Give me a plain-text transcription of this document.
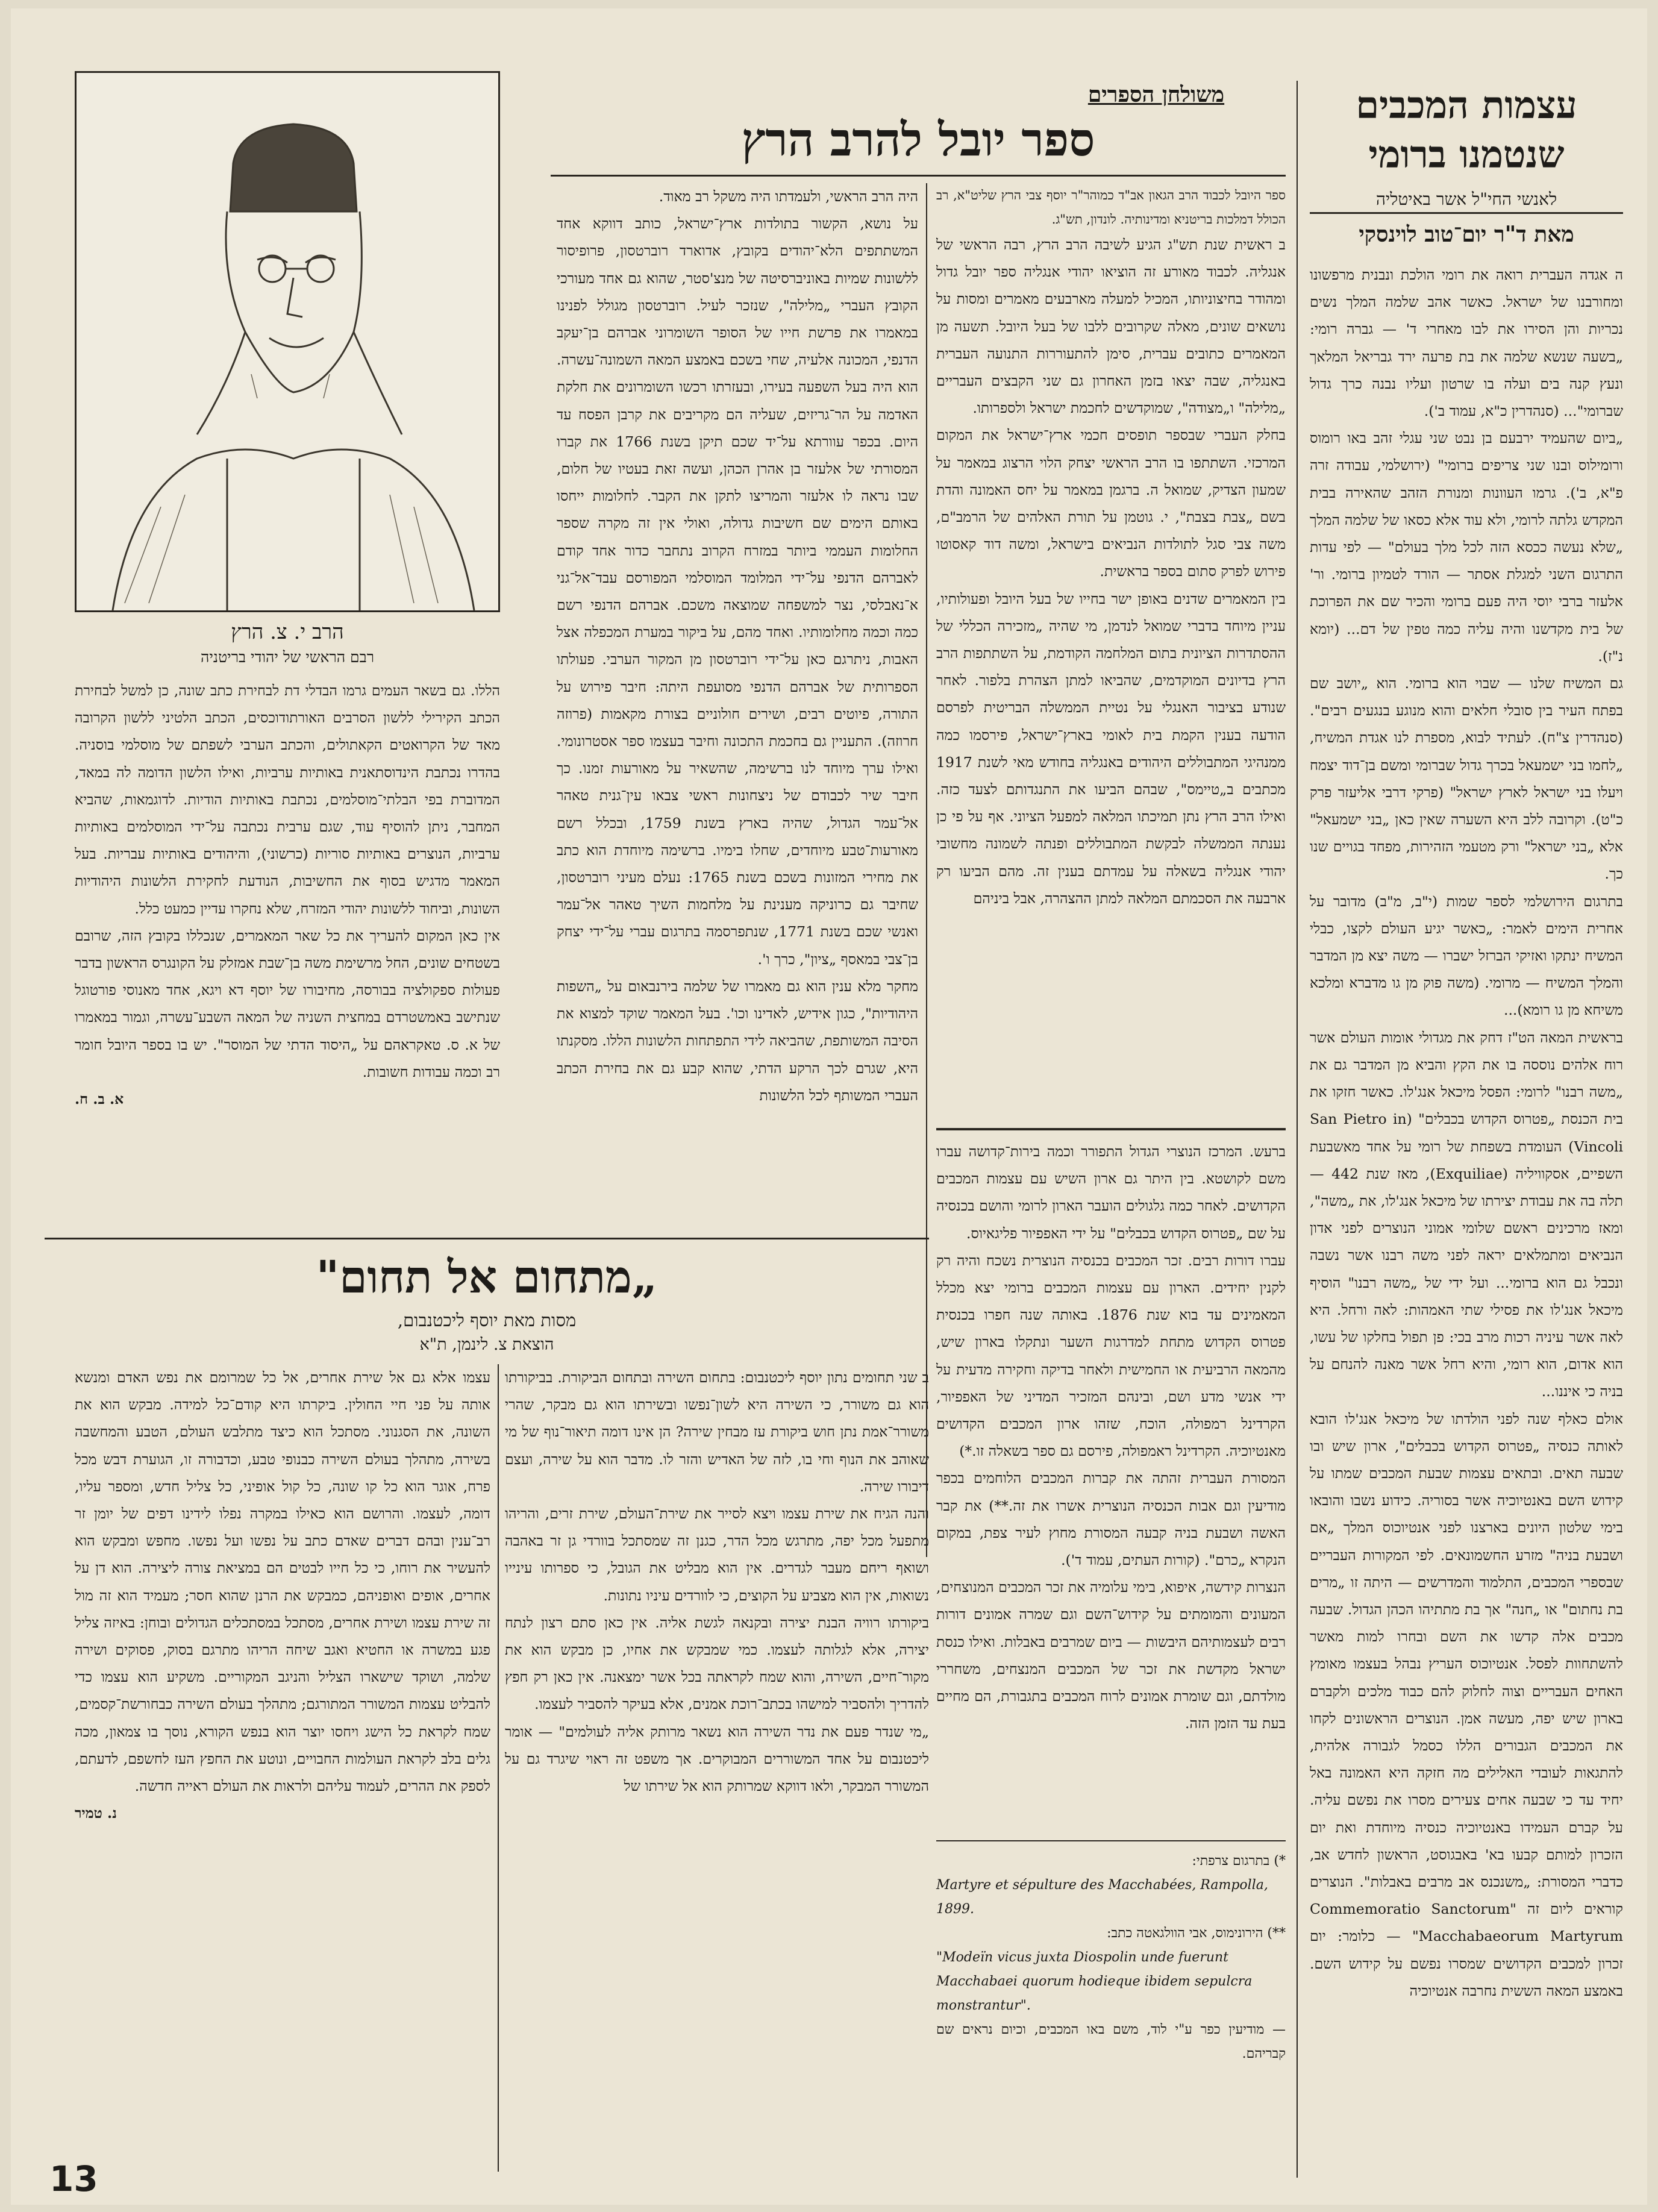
עצמות המכבים
שנטמנו ברומי
לאנשי החי"ל אשר באיטליה
מאת ד"ר יום־טוב לוינסקי

ה אגדה העברית רואה את רומי הולכת ונבנית מרפשונו ומחורבנו של ישראל. כאשר אהב שלמה המלך נשים נכריות והן הסירו את לבו מאחרי ד' — גברה רומי: „בשעה שנשא שלמה את בת פרעה ירד גבריאל המלאך ונעץ קנה בים ועלה בו שרטון ועליו נבנה כרך גדול שברומי"... (סנהדרין כ"א, עמוד ב').
„ביום שהעמיד ירבעם בן נבט שני עגלי זהב באו רומוס ורומילוס ובנו שני צריפים ברומי" (ירושלמי, עבודה זרה פ"א, ב'). גרמו העוונות ומנורת הזהב שהאירה בבית המקדש גלתה לרומי, ולא עוד אלא כסאו של שלמה המלך „שלא נעשה ככסא הזה לכל מלך בעולם" — לפי עדות התרגום השני למגלת אסתר — הורד לטמיון ברומי. ור' אלעזר ברבי יוסי היה פעם ברומי והכיר שם את הפרוכת של בית מקדשנו והיה עליה כמה טפין של דם... (יומא נ"ז).
גם המשיח שלנו — שבוי הוא ברומי. הוא „יושב שם בפתח העיר בין סובלי חלאים והוא מנוגע בנגעים רבים". (סנהדרין צ"ח). לעתיד לבוא, מספרת לנו אגדת המשיח, „לחמו בני ישמעאל בכרך גדול שברומי ומשם בן־דוד יצמח ויעלו בני ישראל לארץ ישראל" (פרקי דרבי אליעזר פרק כ"ט). וקרובה ללב היא השערה שאין כאן „בני ישמעאל" אלא „בני ישראל" ורק מטעמי הזהירות, מפחד בגויים שנו כך.
בתרגום הירושלמי לספר שמות (י"ב, מ"ב) מדובר על אחרית הימים לאמר: „כאשר יגיע העולם לקצו, כבלי המשיח ינתקו ואזיקי הברזל ישברו — משה יצא מן המדבר והמלך המשיח — מרומי. (משה פוק מן גו מדברא ומלכא משיחא מן גו רומא)...
בראשית המאה הט"ז דחק את מגדולי אומות העולם אשר רוח אלהים נוססה בו את הקץ והביא מן המדבר גם את „משה רבנו" לרומי: הפסל מיכאל אנג'לו. כאשר חזקו את בית הכנסת „פטרוס הקדוש בכבלים" (San Pietro in Vincoli) העומדת בשפחת של רומי על אחד מאשבעת השפיים, אסקוויליה (Exquiliae), מאז שנת 442 — תלה בה את עבודת יצירתו של מיכאל אנג'לו, את „משה", ומאז מרכינים ראשם שלומי אמוני הנוצרים לפני אדון הנביאים ומתמלאים יראה לפני משה רבנו אשר נשבה ונכבל גם הוא ברומי... ועל ידי של „משה רבנו" הוסיף מיכאל אנג'לו את פסילי שתי האמהות: לאה ורחל. היא לאה אשר עיניה רכות מרב בכי: פן תפול בחלקו של עשו, הוא אדום, הוא רומי, והיא רחל אשר מאנה להנחם על בניה כי איננו...
אולם כאלף שנה לפני הולדתו של מיכאל אנג'לו הובא לאותה כנסיה „פטרוס הקדוש בכבלים", ארון שיש ובו שבעה תאים. ובתאים עצמות שבעת המכבים שמתו על קידוש השם באנטיוכיה אשר בסוריה. כידוע נשבו והובאו בימי שלטון היונים בארצנו לפני אנטיוכוס המלך „אם ושבעת בניה" מזרע החשמונאים. לפי המקורות העבריים שבספרי המכבים, התלמוד והמדרשים — היתה זו „מרים בת נחתום" או „חנה" אך בת מתתיהו הכהן הגדול. שבעה מכבים אלה קדשו את השם ובחרו למות מאשר להשתחוות לפסל. אנטיוכוס העריץ נבהל בעצמו מאומץ האחים העבריים וצוה לחלוק להם כבוד מלכים ולקברם בארון שיש יפה, מעשה אמן. הנוצרים הראשונים לקחו את המכבים הגבורים הללו כסמל לגבורה אלהית, להתגאות לעובדי האלילים מה חזקה היא האמונה באל יחיד עד כי שבעה אחים צעירים מסרו את נפשם עליה. על קברם העמידו באנטיוכיה כנסיה מיוחדת ואת יום הזכרון למותם קבעו בא' באבגוסט, הראשון לחדש אב, כדברי המסורת: „משנכנס אב מרבים באבלות". הנוצרים קוראים ליום זה "Commemoratio Sanctorum Macchabaeorum Martyrum" — כלומר: יום זכרון למכבים הקדושים שמסרו נפשם על קידוש השם. באמצע המאה הששית נחרבה אנטיוכיה

משולחן הספרים
ספר יובל להרב הרץ

ספר היובל לכבוד הרב הגאון אב"ד כמוהר"ר יוסף צבי הרץ שליט"א, רב הכולל דמלכות בריטניא ומדינותיה. לונדון, תש"ג.

ב ראשית שנת תש"ג הגיע לשיבה הרב הרץ, רבה הראשי של אנגליה. לכבוד מאורע זה הוציאו יהודי אנגליה ספר יובל גדול ומהודר בחיצוניותו, המכיל למעלה מארבעים מאמרים ומסות על נושאים שונים, מאלה שקרובים ללבו של בעל היובל. תשעה מן המאמרים כתובים עברית, סימן להתעוררות התנועה העברית באנגליה, שבה יצאו בזמן האחרון גם שני הקבצים העבריים „מלילה" ו„מצודה", שמוקדשים לחכמת ישראל ולספרותו.
בחלק העברי שבספר תופסים חכמי ארץ־ישראל את המקום המרכזי. השתתפו בו הרב הראשי יצחק הלוי הרצוג במאמר על שמעון הצדיק, שמואל ה. ברגמן במאמר על יחס האמונה והדת בשם „צבת בצבת", י. גוטמן על תורת האלהים של הרמב"ם, משה צבי סגל לתולדות הנביאים בישראל, ומשה דוד קאסוטו פירוש לפרק סתום בספר בראשית.
בין המאמרים שדנים באופן ישר בחייו של בעל היובל ופעולותיו, עניין מיוחד בדברי שמואל לנדמן, מי שהיה „מזכירה הכללי של ההסתדרות הציונית בתום המלחמה הקודמת, על השתתפות הרב הרץ בדיונים המוקדמים, שהביאו למתן הצהרת בלפור. לאחר שנודע בציבור האנגלי על נטיית הממשלה הבריטית לפרסם הודעה בענין הקמת בית לאומי בארץ־ישראל, פירסמו כמה ממנהיגי המתבוללים היהודים באנגליה בחודש מאי לשנת 1917 מכתבים ב„טיימס", שבהם הביעו את התנגדותם לצעד כזה. ואילו הרב הרץ נתן תמיכתו המלאה למפעל הציוני. אף על פי כן נענתה הממשלה לבקשת המתבוללים ופנתה לשמונה מחשובי יהודי אנגליה בשאלה על עמדתם בענין זה. מהם הביעו רק ארבעה את הסכמתם המלאה למתן ההצהרה, אבל ביניהם

היה הרב הראשי, ולעמדתו היה משקל רב מאוד.
על נושא, הקשור בתולדות ארץ־ישראל, כותב דווקא אחד המשתתפים הלא־יהודים בקובץ, אדוארד רוברטסון, פרופיסור ללשונות שמיות באוניברסיטה של מנצ'סטר, שהוא גם אחד מעורכי הקובץ העברי „מלילה", שנזכר לעיל. רוברטסון מגולל לפנינו במאמרו את פרשת חייו של הסופר השומרוני אברהם בן־יעקב הדנפי, המכונה אלעיה, שחי בשכם באמצע המאה השמונה־עשרה. הוא היה בעל השפעה בעירו, ובעזרתו רכשו השומרונים את חלקת האדמה על הר־גריזים, שעליה הם מקריבים את קרבן הפסח עד היום. בכפר עוורתא על־יד שכם תיקן בשנת 1766 את קברו המסורתי של אלעזר בן אהרן הכהן, ועשה זאת בעטיו של חלום, שבו נראה לו אלעזר והמריצו לתקן את הקבר. לחלומות ייחסו באותם הימים שם חשיבות גדולה, ואולי אין זה מקרה שספר החלומות העממי ביותר במזרח הקרוב נתחבר כדור אחד קודם לאברהם הדנפי על־ידי המלומד המוסלמי המפורסם עבד־אל־גני א־נאבלסי, נצר למשפחה שמוצאה משכם. אברהם הדנפי רשם כמה וכמה מחלומותיו. ואחד מהם, על ביקור במערת המכפלה אצל האבות, ניתרגם כאן על־ידי רוברטסון מן המקור הערבי. פעולתו הספרותית של אברהם הדנפי מסועפת היתה: חיבר פירוש על התורה, פיוטים רבים, ושירים חולוניים בצורת מקאמות (פרוזה חרוזה). התעניין גם בחכמת התכונה וחיבר בעצמו ספר אסטרונומי. ואילו ערך מיוחד לנו ברשימה, שהשאיר על מאורעות זמנו. כך חיבר שיר לכבודם של ניצחונות ראשי צבאו עין־גנית טאהר אל־עמר הגדול, שהיה בארץ בשנת 1759, ובכלל רשם מאורעות־טבע מיוחדים, שחלו בימיו. ברשימה מיוחדת הוא כתב את מחירי המזונות בשכם בשנת 1765: נעלם מעיני רוברטסון, שחיבר גם כרוניקה מענינת על מלחמות השיך טאהר אל־עמר ואנשי שכם בשנת 1771, שנתפרסמה בתרגום עברי על־ידי יצחק בן־צבי במאסף „ציון", כרך ו'.
מחקר מלא ענין הוא גם מאמרו של שלמה בירנבאום על „השפות היהודיות", כגון אידיש, לאדינו וכו'. בעל המאמר שוקד למצוא את הסיבה המשותפת, שהביאה לידי התפתחות הלשונות הללו. מסקנתו היא, שגרם לכך הרקע הדתי, שהוא קבע גם את בחירת הכתב העברי המשותף לכל הלשונות

ברעש. המרכז הנוצרי הגדול התפורר וכמה בירות־קדושה עברו משם לקושטא. בין היתר גם ארון השיש עם עצמות המכבים הקדושים. לאחר כמה גלגולים הועבר הארון לרומי והושם בכנסיה על שם „פטרוס הקדוש בכבלים" על ידי האפפיור פליגאיוס.
עברו דורות רבים. זכר המכבים בכנסיה הנוצרית נשכח והיה רק לקנין יחידים. הארון עם עצמות המכבים ברומי יצא מכלל המאמינים עד בוא שנת 1876. באותה שנה חפרו בכנסית פטרוס הקדוש מתחת למדרגות השער ונתקלו בארון שיש, מהמאה הרביעית או החמישית ולאחר בדיקה וחקירה מדעית על ידי אנשי מדע ושם, ובינהם המזכיר המדיני של האפפיור, הקרדינל רמפולה, הוכח, שזהו ארון המכבים הקדושים מאנטיוכיה. הקרדינל ראמפולה, פירסם גם ספר בשאלה זו.*)
המסורת העברית זהתה את קברות המכבים הלוחמים בכפר מודיעין וגם אבות הכנסיה הנוצרית אשרו את זה.**) את קבר האשה ושבעת בניה קבעה המסורת מחוץ לעיר צפת, במקום הנקרא „כרם". (קורות העתים, עמוד ד').
הנצרות קידשה, איפוא, בימי עלומיה את זכר המכבים המנוצחים, המעונים והמומתים על קידוש־השם וגם שמרה אמונים דורות רבים לעצמותיהם היבשות — ביום שמרבים באבלות. ואילו כנסת ישראל מקדשת את זכר של המכבים המנצחים, משחררי מולדתם, וגם שומרת אמונים לרוח המכבים בתגבורת, הם מחיים בעת עד הזמן הזה.

*) בתרגום צרפתי:

Martyre et sépulture des Macchabées, Rampolla, 1899.

**) הירונימוס, אבי הוולגאטה כתב:

"Modeïn vicus juxta Diospolin unde fuerunt Macchabaei quorum hodieque ibidem sepulcra monstrantur".

— מודיעין כפר ע"י לוד, משם באו המכבים, וכיום נראים שם קבריהם.

הרב י. צ. הרץ
רבם הראשי של יהודי בריטניה

הללו. גם בשאר העמים גרמו הבדלי דת לבחירת כתב שונה, כן למשל לבחירת הכתב הקירילי ללשון הסרבים האורתודוכסים, הכתב הלטיני ללשון הקרובה מאד של הקרואטים הקאתולים, והכתב הערבי לשפתם של מוסלמי בוסניה. בהדרו נכתבת הינדוסתאנית באותיות ערביות, ואילו הלשון הדומה לה במאד, המדוברת בפי הבלתי־מוסלמים, נכתבת באותיות הודיות. לדוגמאות, שהביא המחבר, ניתן להוסיף עוד, שגם ערבית נכתבה על־ידי המוסלמים באותיות ערביות, הנוצרים באותיות סוריות (כרשוני), והיהודים באותיות עבריות. בעל המאמר מדגיש בסוף את החשיבות, הנודעת לחקירת הלשונות היהודיות השונות, וביחוד ללשונות יהודי המזרח, שלא נחקרו עדיין כמעט כלל.
אין כאן המקום להעריך את כל שאר המאמרים, שנכללו בקובץ הזה, שרובם בשטחים שונים, החל מרשימת משה בן־שבת אמזלק על הקונגרס הראשון בדבר פעולות ספקולציה בבורסה, מחיבורו של יוסף דא ויגא, אחד מאנוסי פורטוגל שנתישב באמשטרדם במחצית השניה של המאה השבע־עשרה, וגמור במאמרו של א. ס. טאקראהם על „היסוד הדתי של המוסר". יש בו בספר היובל חומר רב וכמה עבודות חשובות.

א. ב. ח.

„מתחום אל תחום"
מסות מאת יוסף ליכטנבום,
הוצאת צ. לינמן, ת"א

ב שני תחומים נתון יוסף ליכטנבום: בתחום השירה ובתחום הביקורת. בביקורתו הוא גם משורר, כי השירה היא לשון־נפשו ובשירתו הוא גם מבקר, שהרי משורר־אמת נתן חוש ביקורת עז מבחין שירה? הן אינו דומה תיאור־נוף של מי שאוהב את הנוף וחי בו, לזה של האדיש והזר לו. מדבר הוא על שירה, ועצם דיבורו שירה.
והנה הגיח את שירת עצמו ויצא לסייר את שירת־העולם, שירת זרים, והריהו מתפעל מכל יפה, מתרגש מכל הדר, כגנן זה שמסתכל בוורדי גן זר באהבה ושואף ריחם מעבר לגדרים. אין הוא מבליט את הגובל, כי ספרותו עינייו נשואות, אין הוא מצביע על הקוצים, כי לוורדים עיניו נתונות.
ביקורתו רוויה הבנת יצירה ובקנאה לגשת אליה. אין כאן סתם רצון לנתח יצירה, אלא לגלותה לעצמו. כמי שמבקש את אחיו, כן מבקש הוא את מקור־חיים, השירה, והוא שמח לקראתה בכל אשר ימצאנה. אין כאן רק חפץ להדריך ולהסביר למישהו בכתב־רוכת אמנים, אלא בעיקר להסביר לעצמו.
„מי שנדר פעם את נדר השירה הוא נשאר מרותק אליה לעולמים" — אומר ליכטנבום על אחד המשוררים המבוקרים. אך משפט זה ראוי שיגרד גם על המשורר המבקר, ולאו דווקא שמרותק הוא אל שירתו של

עצמו אלא גם אל שירת אחרים, אל כל שמרומם את נפש האדם ומנשא אותה על פני חיי החולין. ביקרתו היא קודם־כל למידה. מבקש הוא את השונה, את הסגנוני. מסתכל הוא כיצד מתלבש העולם, הטבע והמחשבה בשירה, מתהלך בעולם השירה כבנופי טבע, וכדבורה זו, הגוערת דבש מכל פרח, אוגר הוא כל קו שונה, כל קול אופיני, כל צליל חדש, ומספר עליו, דומה, לעצמו. והרושם הוא כאילו במקרה נפלו לידינו דפים של יומן זר רב־ענין ובהם דברים שאדם כתב על נפשו ועל נפשו. מחפש ומבקש הוא להעשיר את רוחו, כי כל חייו לבטים הם במציאת צורה ליצירה. הוא דן על אחרים, אופים ואופניהם, כמבקש את הרנן שהוא חסר; מעמיד הוא זה מול זה שירת עצמו ושירת אחרים, מסתכל במסתכלים הגדולים ובוחן: באיזה צליל פגע במשרה או החטיא ואגב שיחה הריהו מתרגם בסוק, פסוקים ושירה שלמה, ושוקד שישארו הצליל והניגב המקוריים. משקיע הוא עצמו כדי להבליט עצמות המשורר המתורגם; מתהלך בעולם השירה כבחורשת־קסמים, שמח לקראת כל הישג ויחסו יוצר הוא בנפש הקורא, נוסך בו צמאון, מכה גלים בלב לקראת העולמות החבויים, ונוטע את החפץ העז לחשפם, לדעתם, לספק את ההרים, לעמוד עליהם ולראות את העולם ראייה חדשה.

נ. טמיר

13
